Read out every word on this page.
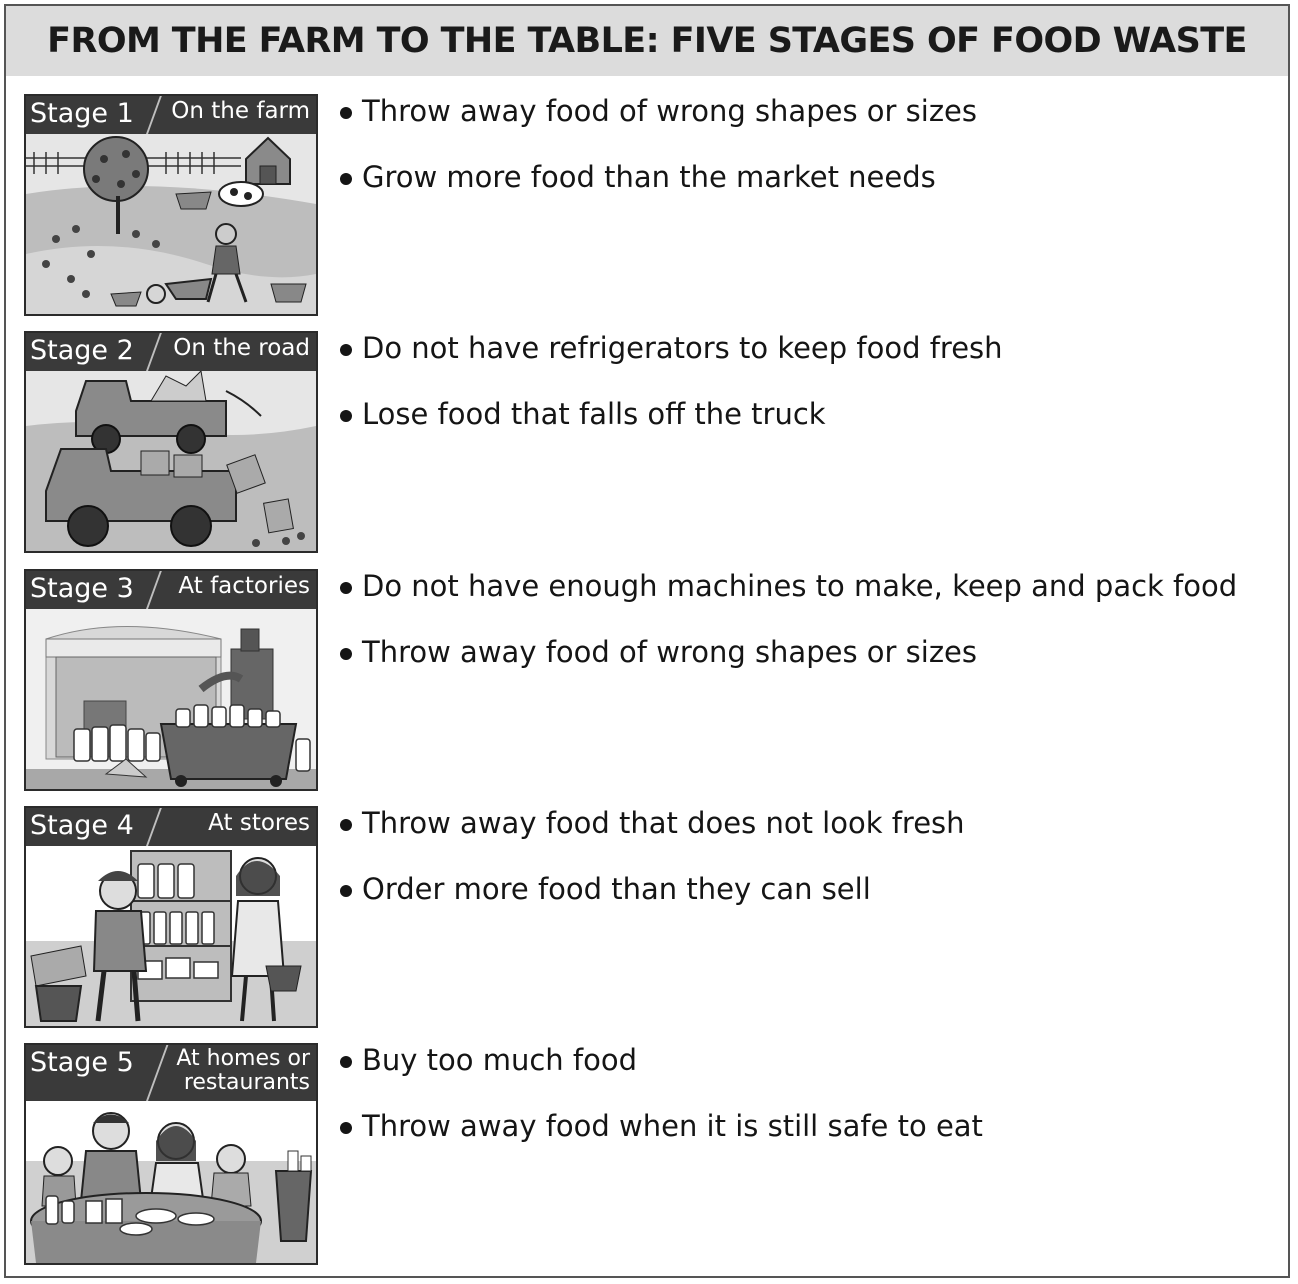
FROM THE FARM TO THE TABLE: FIVE STAGES OF FOOD WASTE
Stage 1 On the farm	Throw away food of wrong shapes or sizes
Grow more food than the market needs
Stage 2 On the road	Do not have refrigerators to keep food fresh
Lose food that falls off the truck
Stage 3 At factories	Do not have enough machines to make, keep and pack food
Throw away food of wrong shapes or sizes
Stage 4	At stores	Throw away food that does not look fresh
Order more food than they can sell
Stage 5 At homes or
restaurants
Buy too much food
Throw away food when it is still safe to eat
